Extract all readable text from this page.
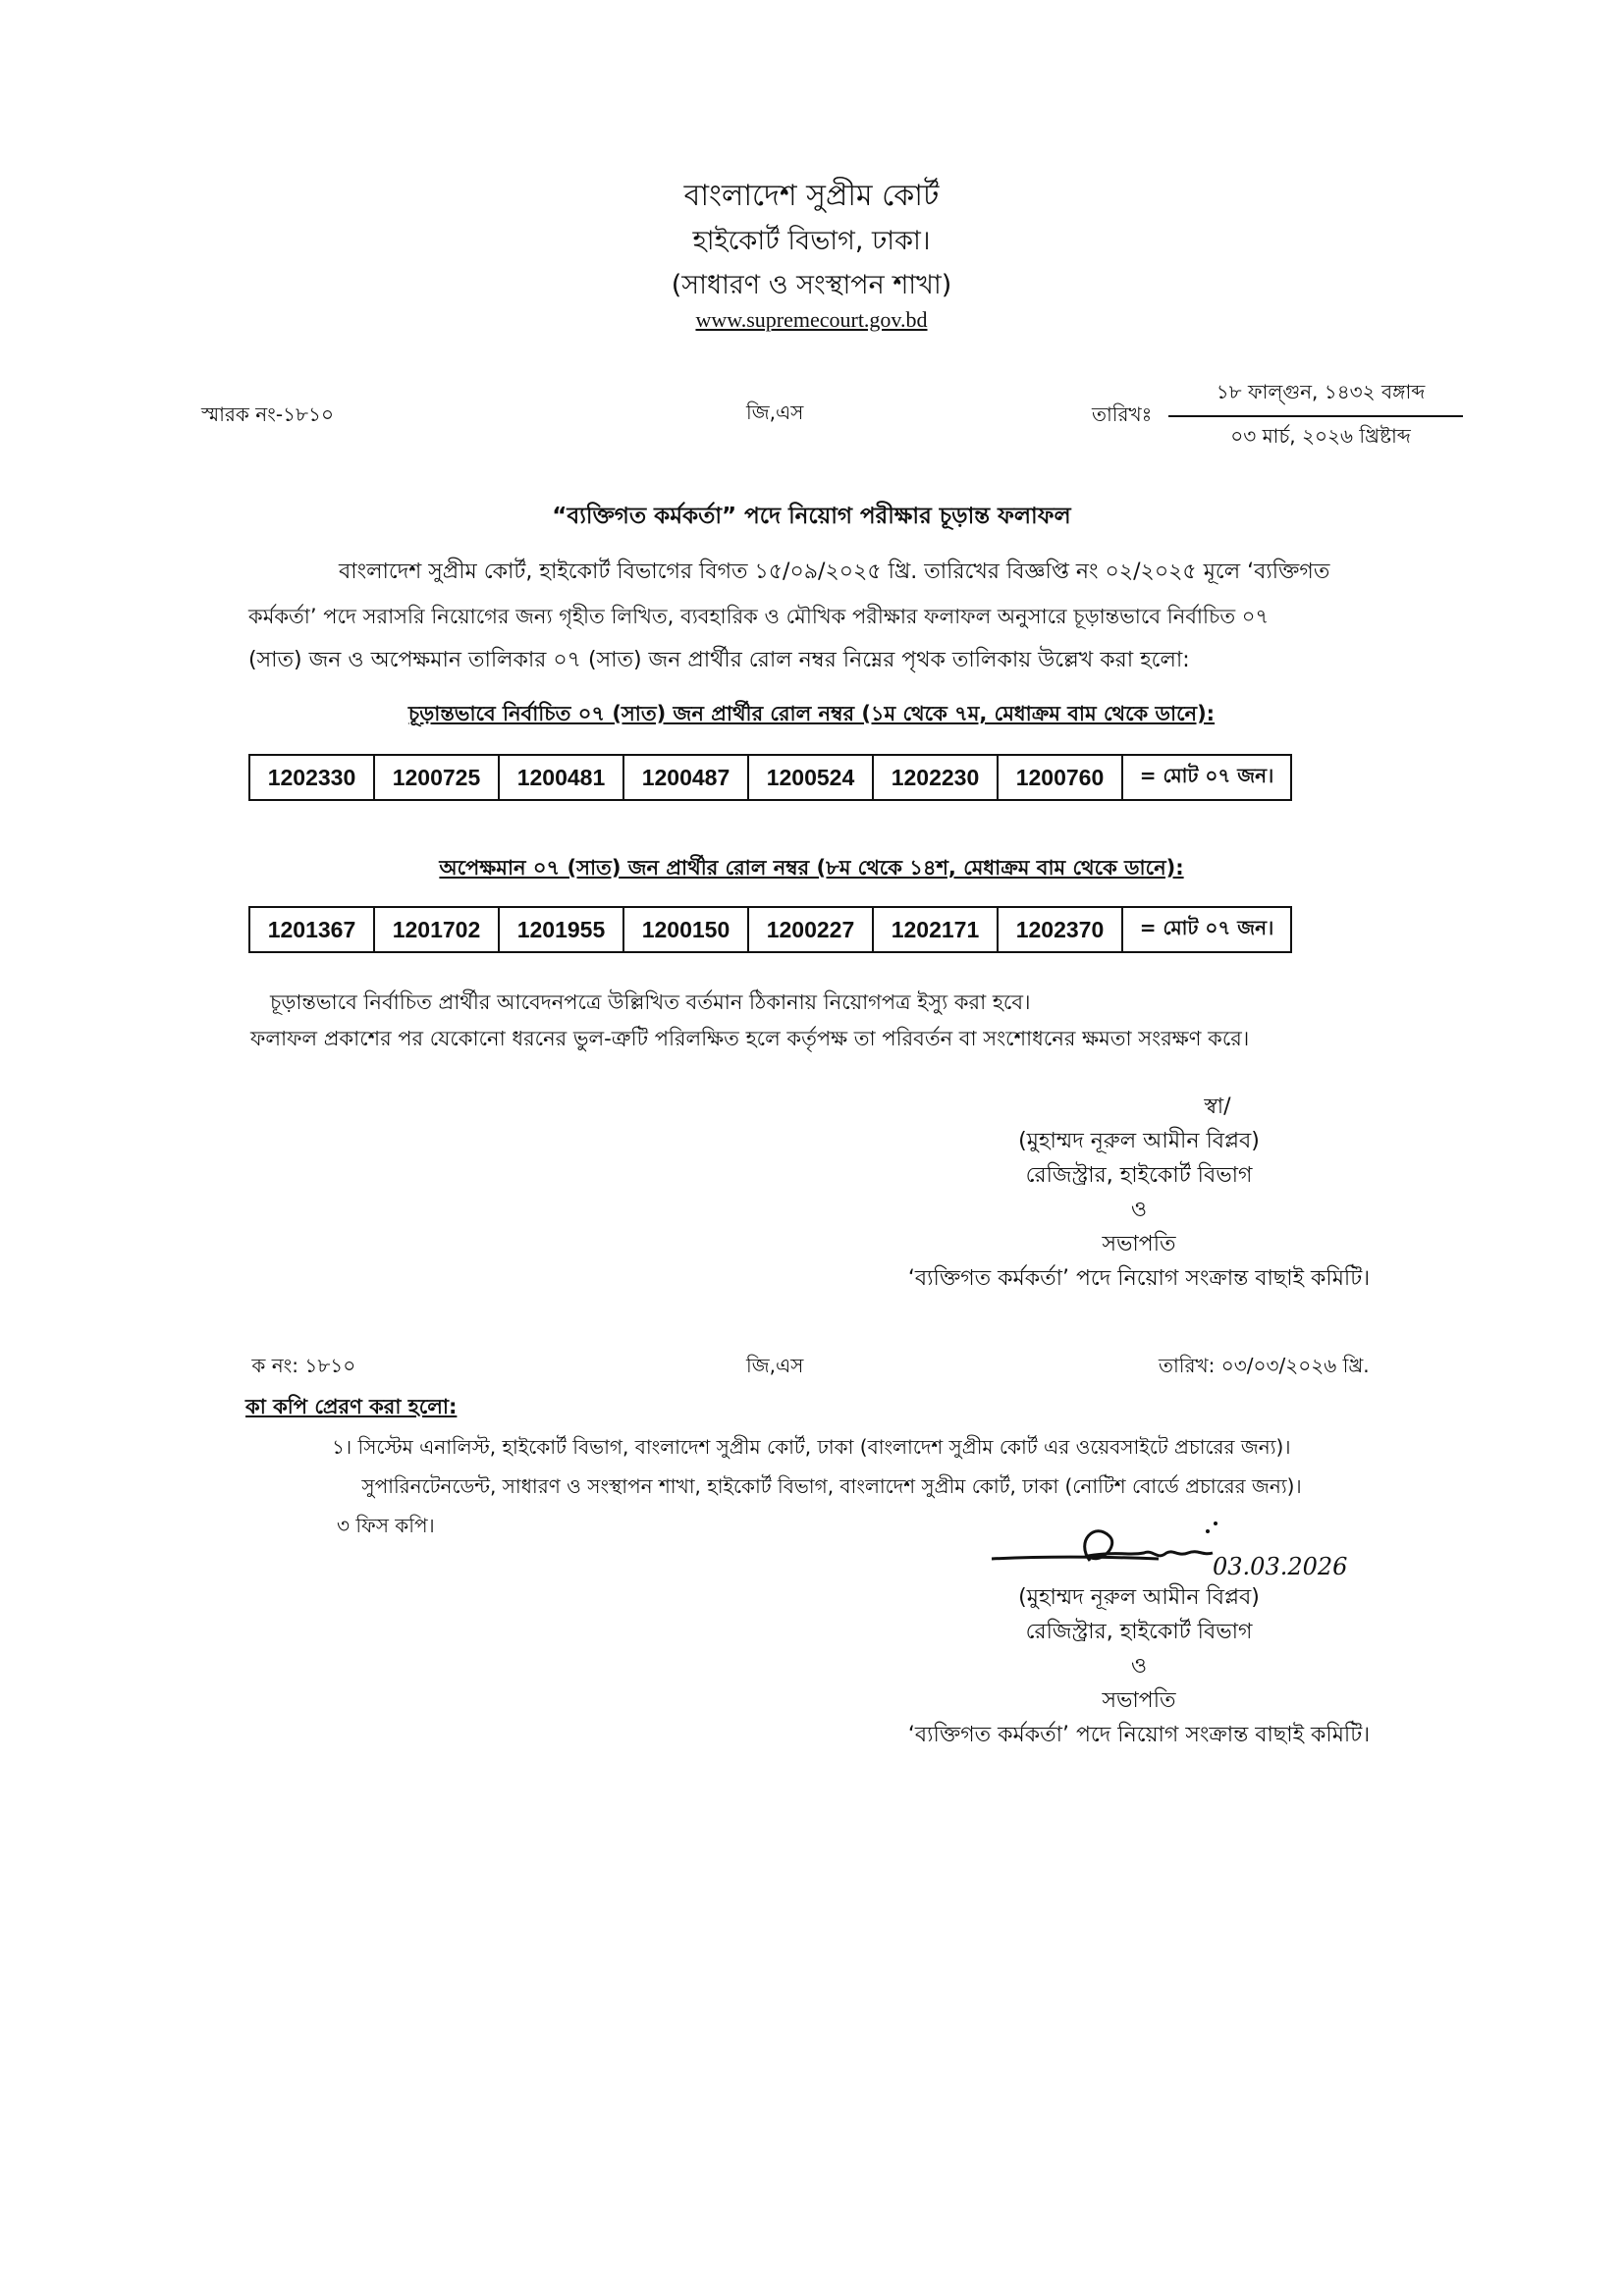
বাংলাদেশ সুপ্রীম কোর্ট
হাইকোর্ট বিভাগ, ঢাকা।
(সাধারণ ও সংস্থাপন শাখা)
www.supremecourt.gov.bd
স্মারক নং-১৮১০	জি,এস	তারিখঃ
১৮ ফাল্গুন, ১৪৩২ বঙ্গাব্দ
০৩ মার্চ, ২০২৬ খ্রিষ্টাব্দ
“ব্যক্তিগত কর্মকর্তা” পদে নিয়োগ পরীক্ষার চূড়ান্ত ফলাফল
বাংলাদেশ সুপ্রীম কোর্ট, হাইকোর্ট বিভাগের বিগত ১৫/০৯/২০২৫ খ্রি. তারিখের বিজ্ঞপ্তি নং ০২/২০২৫ মূলে ‘ব্যক্তিগত
কর্মকর্তা’ পদে সরাসরি নিয়োগের জন্য গৃহীত লিখিত, ব্যবহারিক ও মৌখিক পরীক্ষার ফলাফল অনুসারে চূড়ান্তভাবে নির্বাচিত ০৭
(সাত) জন ও অপেক্ষমান তালিকার ০৭ (সাত) জন প্রার্থীর রোল নম্বর নিম্নের পৃথক তালিকায় উল্লেখ করা হলো:
চূড়ান্তভাবে নির্বাচিত ০৭ (সাত) জন প্রার্থীর রোল নম্বর (১ম থেকে ৭ম, মেধাক্রম বাম থেকে ডানে):
1202330	1200725	1200481	1200487	1200524	1202230	1200760	= মোট ০৭ জন।
অপেক্ষমান ০৭ (সাত) জন প্রার্থীর রোল নম্বর (৮ম থেকে ১৪শ, মেধাক্রম বাম থেকে ডানে):
1201367	1201702	1201955	1200150	1200227	1202171	1202370	= মোট ০৭ জন।
চূড়ান্তভাবে নির্বাচিত প্রার্থীর আবেদনপত্রে উল্লিখিত বর্তমান ঠিকানায় নিয়োগপত্র ইস্যু করা হবে।
ফলাফল প্রকাশের পর যেকোনো ধরনের ভুল-ত্রুটি পরিলক্ষিত হলে কর্তৃপক্ষ তা পরিবর্তন বা সংশোধনের ক্ষমতা সংরক্ষণ করে।
স্বা/
(মুহাম্মদ নূরুল আমীন বিপ্লব)
রেজিস্ট্রার, হাইকোর্ট বিভাগ
ও
সভাপতি
‘ব্যক্তিগত কর্মকর্তা’ পদে নিয়োগ সংক্রান্ত বাছাই কমিটি।
‍ ক নং: ১৮১০	জি,এস	তারিখ: ০৩/০৩/২০২৬ খ্রি.
কা‍ কপি প্রেরণ করা হলো:
১। সিস্টেম এনালিস্ট, হাইকোর্ট বিভাগ, বাংলাদেশ সুপ্রীম কোর্ট, ঢাকা (বাংলাদেশ সুপ্রীম কোর্ট এর ওয়েবসাইটে প্রচারের জন্য)।
‍ সুপারিনটেনডেন্ট, সাধারণ ও সংস্থাপন শাখা, হাইকোর্ট বিভাগ, বাংলাদেশ সুপ্রীম কোর্ট, ঢাকা (নোটিশ বোর্ডে প্রচারের জন্য)।
৩ ফিস কপি।
03.03.2026
(মুহাম্মদ নূরুল আমীন বিপ্লব)
রেজিস্ট্রার, হাইকোর্ট বিভাগ
ও
সভাপতি
‘ব্যক্তিগত কর্মকর্তা’ পদে নিয়োগ সংক্রান্ত বাছাই কমিটি।
